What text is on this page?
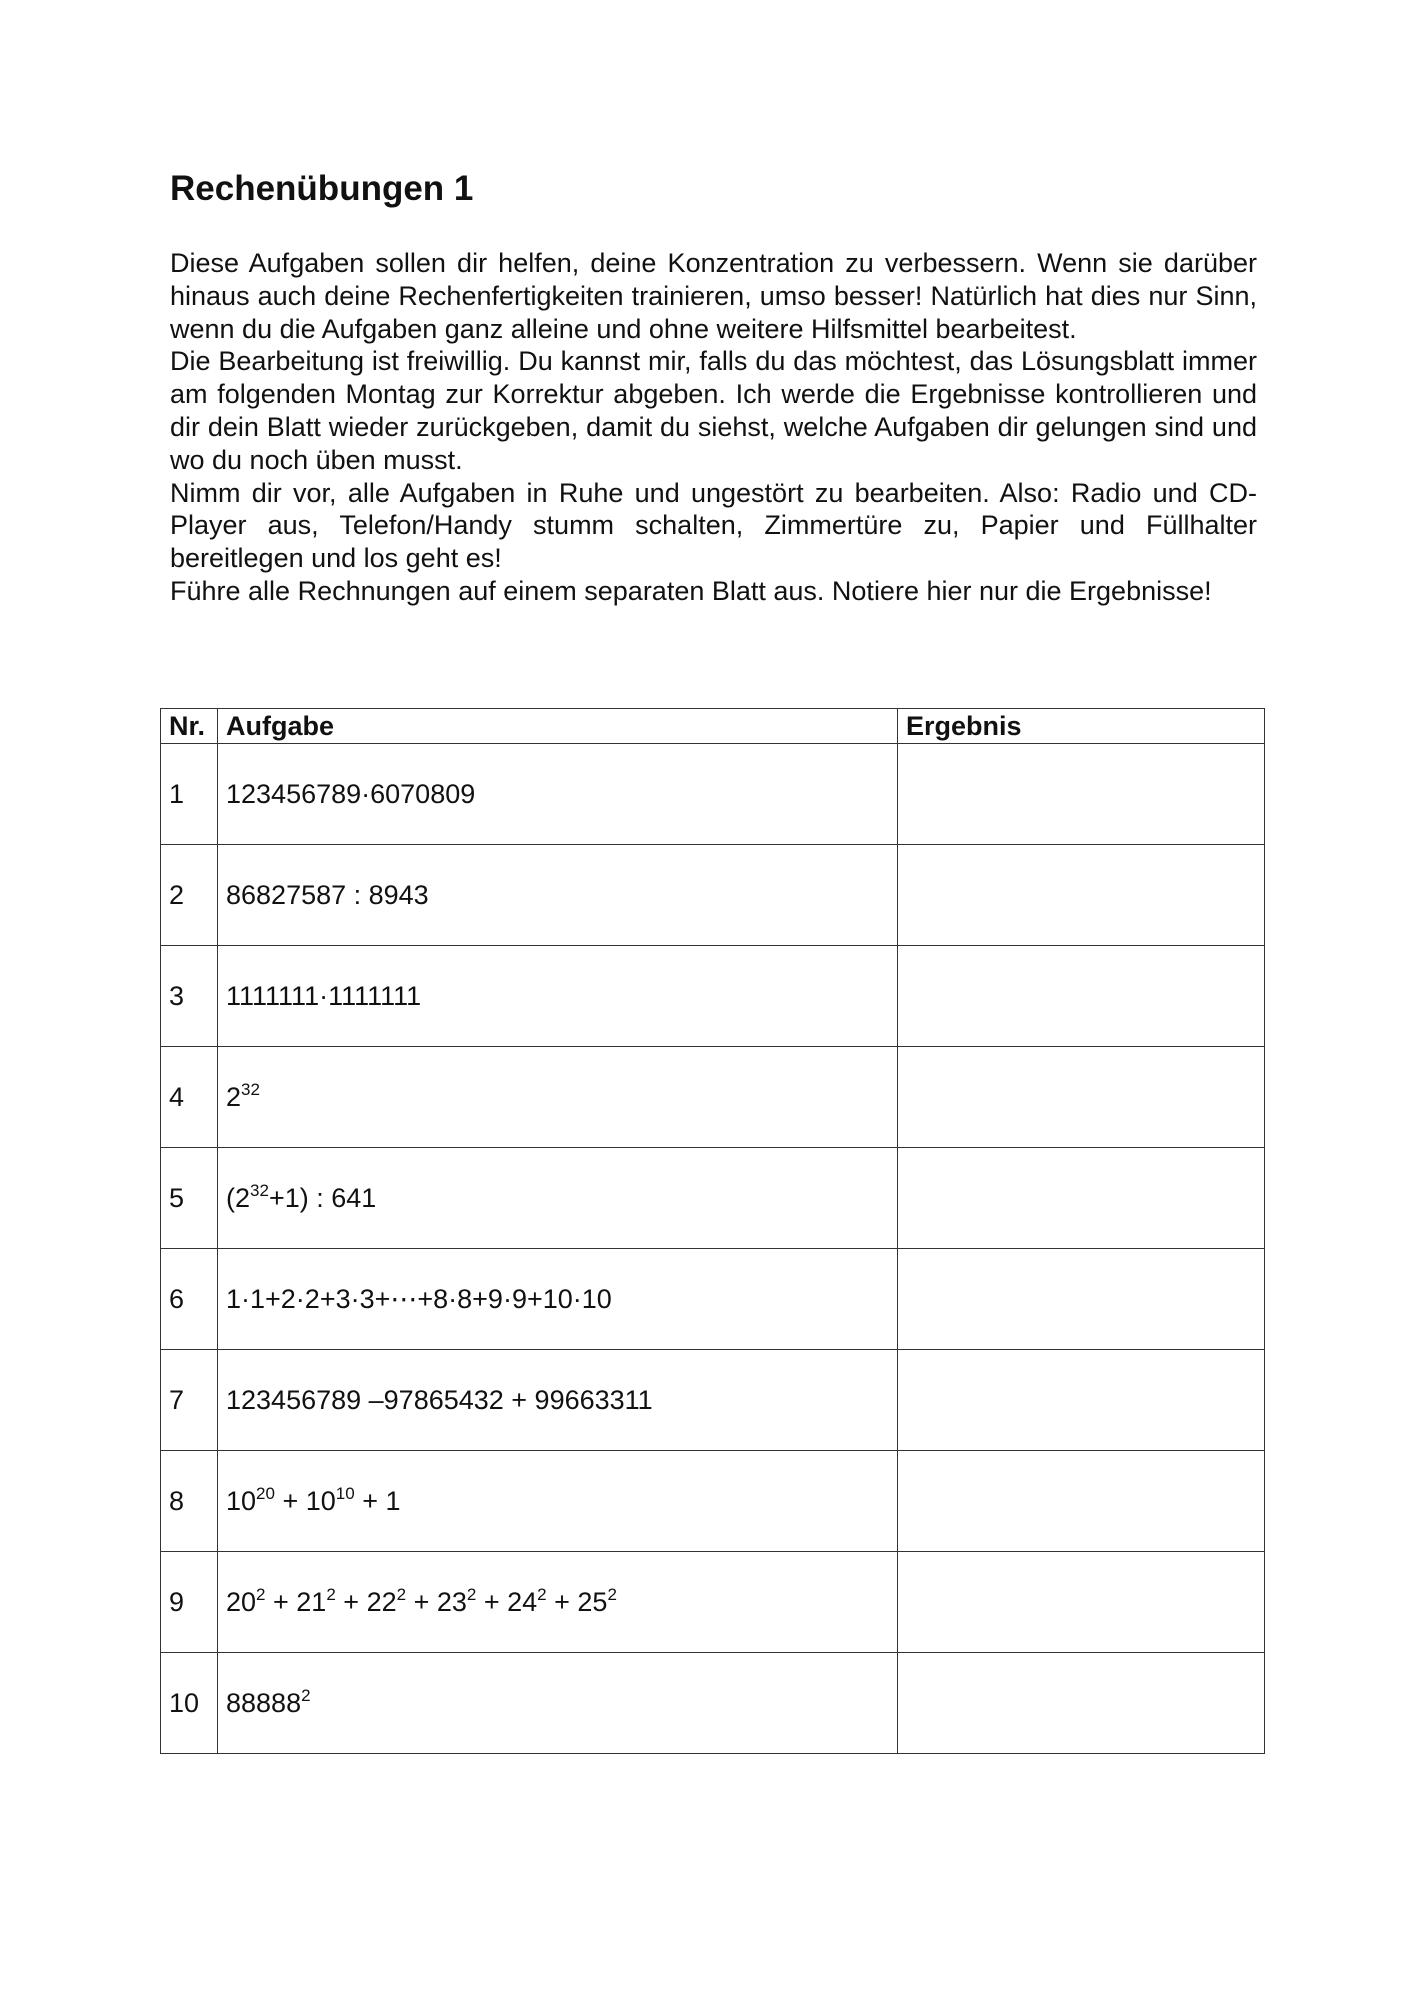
Rechenübungen 1

Diese Aufgaben sollen dir helfen, deine Konzentration zu verbessern. Wenn sie darüber hinaus auch deine Rechenfertigkeiten trainieren, umso besser! Natürlich hat dies nur Sinn, wenn du die Aufgaben ganz alleine und ohne weitere Hilfsmittel bearbeitest.

Die Bearbeitung ist freiwillig. Du kannst mir, falls du das möchtest, das Lösungsblatt immer am folgenden Montag zur Korrektur abgeben. Ich werde die Ergebnisse kontrollieren und dir dein Blatt wieder zurückgeben, damit du siehst, welche Aufgaben dir gelungen sind und wo du noch üben musst.

Nimm dir vor, alle Aufgaben in Ruhe und ungestört zu bearbeiten. Also: Radio und CD-Player aus, Telefon/Handy stumm schalten, Zimmertüre zu, Papier und Füllhalter bereitlegen und los geht es!

Führe alle Rechnungen auf einem separaten Blatt aus. Notiere hier nur die Ergebnisse!

Nr.	Aufgabe	Ergebnis
1	123456789·6070809	
2	86827587 : 8943	
3	1111111·1111111	
4	$2^{32}$	
5	$(2^{32}+1)$ : 641	
6	1·1+2·2+3·3+⋯+8·8+9·9+10·10	
7	123456789 –97865432 + 99663311	
8	$10^{20} + 10^{10} + 1$	
9	$20^2 + 21^2 + 22^2 + 23^2 + 24^2 + 25^2$	
10	88888$^2$	
